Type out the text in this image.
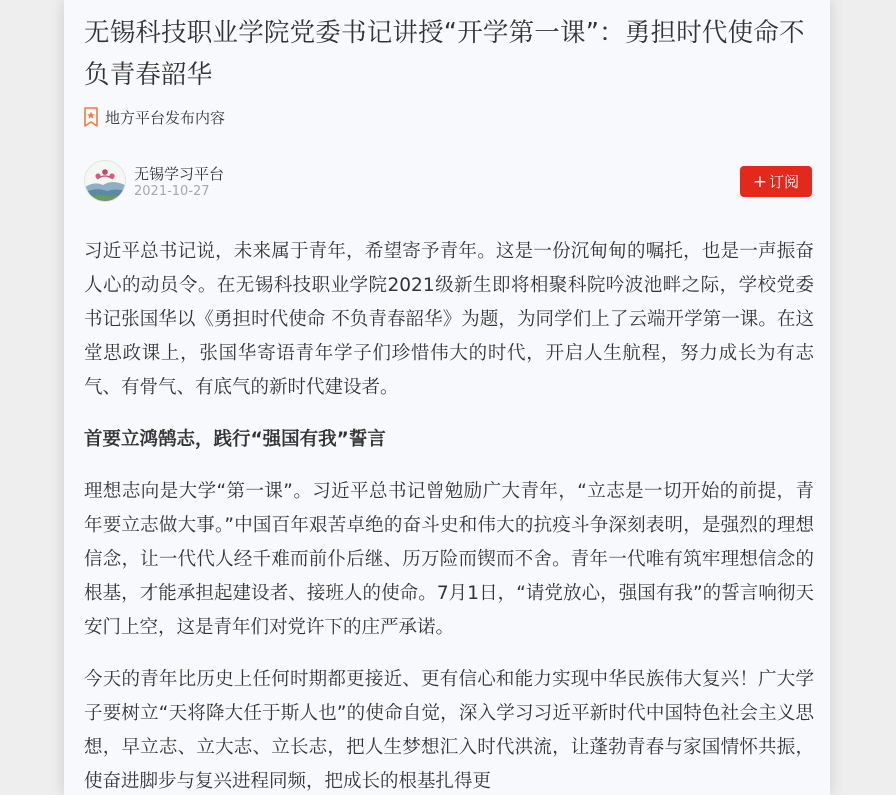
无锡科技职业学院党委书记讲授“开学第一课”：勇担时代使命不负青春韶华
地方平台发布内容
无锡学习平台
2021-10-27	+ 订阅

习近平总书记说，未来属于青年，希望寄予青年。这是一份沉甸甸的嘱托，也是一声振奋人心的动员令。在无锡科技职业学院2021级新生即将相聚科院吟波池畔之际，学校党委书记张国华以《勇担时代使命 不负青春韶华》为题，为同学们上了云端开学第一课。在这堂思政课上，张国华寄语青年学子们珍惜伟大的时代，开启人生航程，努力成长为有志气、有骨气、有底气的新时代建设者。

首要立鸿鹄志，践行“强国有我”誓言

理想志向是大学“第一课”。习近平总书记曾勉励广大青年，“立志是一切开始的前提，青年要立志做大事。”中国百年艰苦卓绝的奋斗史和伟大的抗疫斗争深刻表明，是强烈的理想信念，让一代代人经千难而前仆后继、历万险而锲而不舍。青年一代唯有筑牢理想信念的根基，才能承担起建设者、接班人的使命。7月1日，“请党放心，强国有我”的誓言响彻天安门上空，这是青年们对党许下的庄严承诺。

今天的青年比历史上任何时期都更接近、更有信心和能力实现中华民族伟大复兴！广大学子要树立“天将降大任于斯人也”的使命自觉，深入学习习近平新时代中国特色社会主义思想，早立志、立大志、立长志，把人生梦想汇入时代洪流，让蓬勃青春与家国情怀共振，使奋进脚步与复兴进程同频，把成长的根基扎得更
